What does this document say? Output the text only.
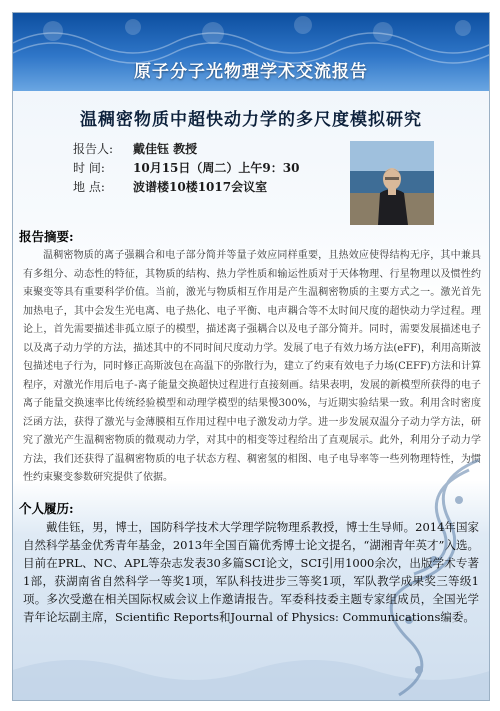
原子分子光物理学术交流报告
温稠密物质中超快动力学的多尺度模拟研究
报告人: 戴佳钰 教授
时 间: 10月15日（周二）上午9：30
地 点: 波谱楼10楼1017会议室
报告摘要:

温稠密物质的离子强耦合和电子部分简并等量子效应同样重要，且热效应使得结构无序，其中兼具有多组分、动态性的特征，其物质的结构、热力学性质和输运性质对于天体物理、行星物理以及惯性约束聚变等具有重要科学价值。当前，激光与物质相互作用是产生温稠密物质的主要方式之一。激光首先加热电子，其中会发生光电离、电子热化、电子平衡、电声耦合等不太时间尺度的超快动力学过程。理论上，首先需要描述非孤立原子的模型，描述离子强耦合以及电子部分简并。同时，需要发展描述电子以及离子动力学的方法，描述其中的不同时间尺度动力学。发展了电子有效力场方法(eFF)，利用高斯波包描述电子行为，同时修正高斯波包在高温下的弥散行为，建立了约束有效电子力场(CEFF)方法和计算程序，对激光作用后电子-离子能量交换超快过程进行直接刻画。结果表明，发展的新模型所获得的电子离子能量交换速率比传统经验模型和动理学模型的结果慢300%，与近期实验结果一致。利用含时密度泛函方法，获得了激光与金薄膜相互作用过程中电子激发动力学。进一步发展双温分子动力学方法，研究了激光产生温稠密物质的微观动力学，对其中的相变等过程给出了直观展示。此外，利用分子动力学方法，我们还获得了温稠密物质的电子状态方程、稠密氢的相图、电子电导率等一些列物理特性，为惯性约束聚变参数研究提供了依据。

个人履历:

戴佳钰，男，博士，国防科学技术大学理学院物理系教授，博士生导师。2014年国家自然科学基金优秀青年基金，2013年全国百篇优秀博士论文提名，“湖湘青年英才”入选。目前在PRL、NC、APL等杂志发表30多篇SCI论文，SCI引用1000余次，出版学术专著1部，获湖南省自然科学一等奖1项，军队科技进步三等奖1项，军队教学成果奖三等级1项。多次受邀在相关国际权威会议上作邀请报告。军委科技委主题专家组成员，全国光学青年论坛副主席，Scientific Reports和Journal of Physics: Communications编委。
